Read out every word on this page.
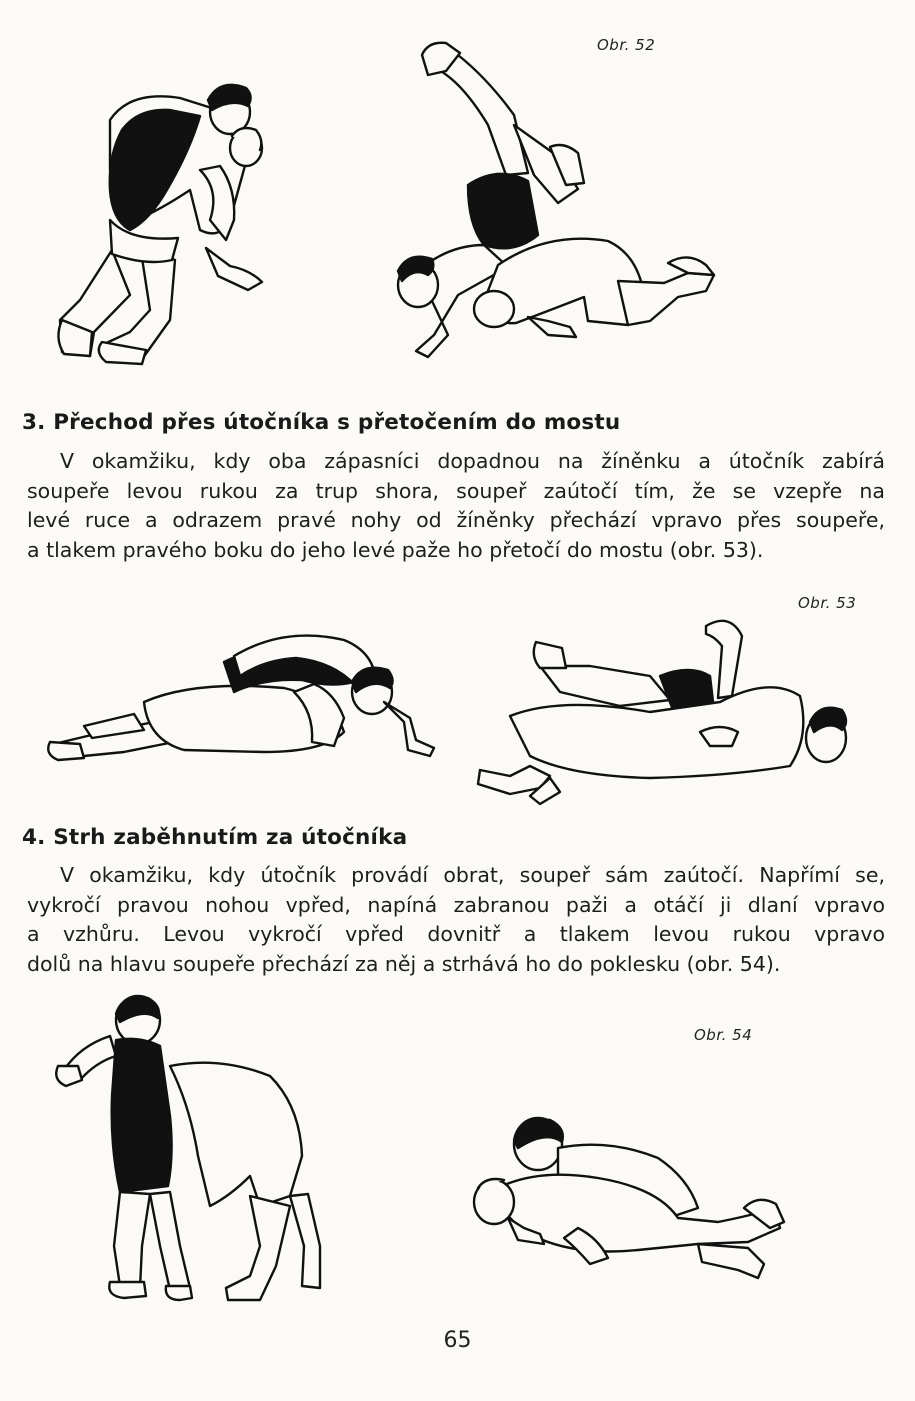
Obr. 52
3. Přechod přes útočníka s přetočením do mostu
V okamžiku, kdy oba zápasníci dopadnou na žíněnku a útočník zabírá
soupeře levou rukou za trup shora, soupeř zaútočí tím, že se vzepře na
levé ruce a odrazem pravé nohy od žíněnky přechází vpravo přes soupeře,
a tlakem pravého boku do jeho levé paže ho přetočí do mostu (obr. 53).
Obr. 53
4. Strh zaběhnutím za útočníka
V okamžiku, kdy útočník provádí obrat, soupeř sám zaútočí. Napřímí se,
vykročí pravou nohou vpřed, napíná zabranou paži a otáčí ji dlaní vpravo
a vzhůru. Levou vykročí vpřed dovnitř a tlakem levou rukou vpravo
dolů na hlavu soupeře přechází za něj a strhává ho do poklesku (obr. 54).
Obr. 54
65
